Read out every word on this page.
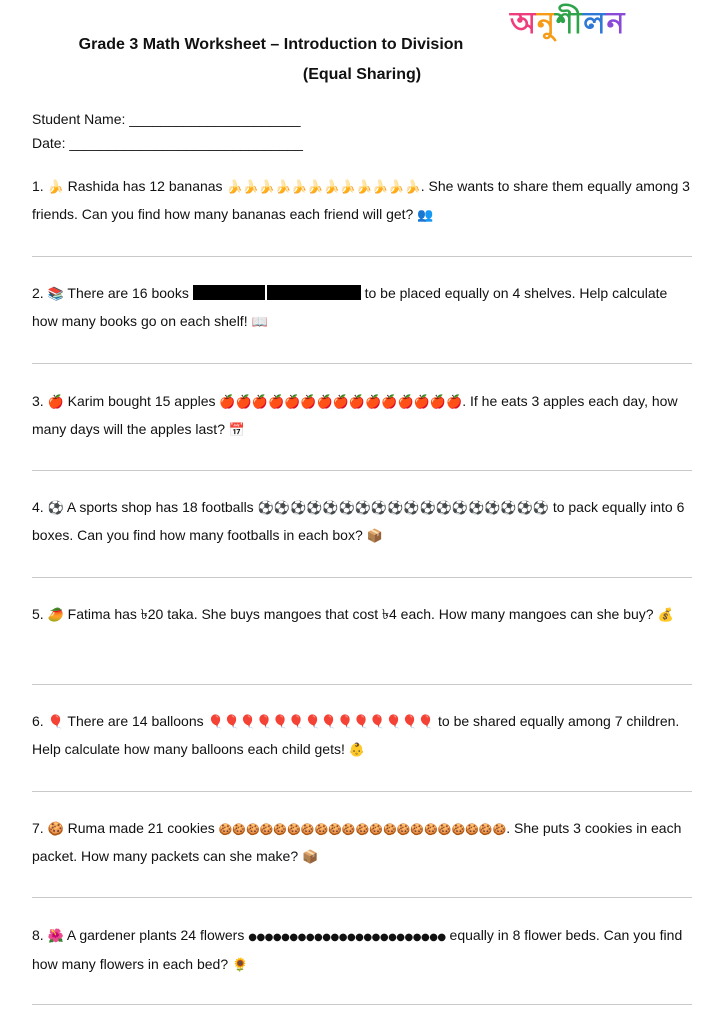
অনুশীলন
Grade 3 Math Worksheet – Introduction to Division
(Equal Sharing)
Student Name: ______________________
Date: ______________________________
1. 🍌 Rashida has 12 bananas 🍌🍌🍌🍌🍌🍌🍌🍌🍌🍌🍌🍌. She wants to share them equally among 3 friends. Can you find how many bananas each friend will get? 👥
2. 📚 There are 16 books	to be placed equally on 4 shelves. Help calculate how many books go on each shelf! 📖
3. 🍎 Karim bought 15 apples 🍎🍎🍎🍎🍎🍎🍎🍎🍎🍎🍎🍎🍎🍎🍎. If he eats 3 apples each day, how many days will the apples last? 📅
4. ⚽ A sports shop has 18 footballs ⚽⚽⚽⚽⚽⚽⚽⚽⚽⚽⚽⚽⚽⚽⚽⚽⚽⚽ to pack equally into 6 boxes. Can you find how many footballs in each box? 📦
5. 🥭 Fatima has ৳20 taka. She buys mangoes that cost ৳4 each. How many mangoes can she buy? 💰
6. 🎈 There are 14 balloons 🎈🎈🎈🎈🎈🎈🎈🎈🎈🎈🎈🎈🎈🎈 to be shared equally among 7 children. Help calculate how many balloons each child gets! 👶
7. 🍪 Ruma made 21 cookies 🍪🍪🍪🍪🍪🍪🍪🍪🍪🍪🍪🍪🍪🍪🍪🍪🍪🍪🍪🍪🍪. She puts 3 cookies in each packet. How many packets can she make? 📦
8. 🌺 A gardener plants 24 flowers ●●●●●●●●●●●●●●●●●●●●●●●● equally in 8 flower beds. Can you find how many flowers in each bed? 🌻
